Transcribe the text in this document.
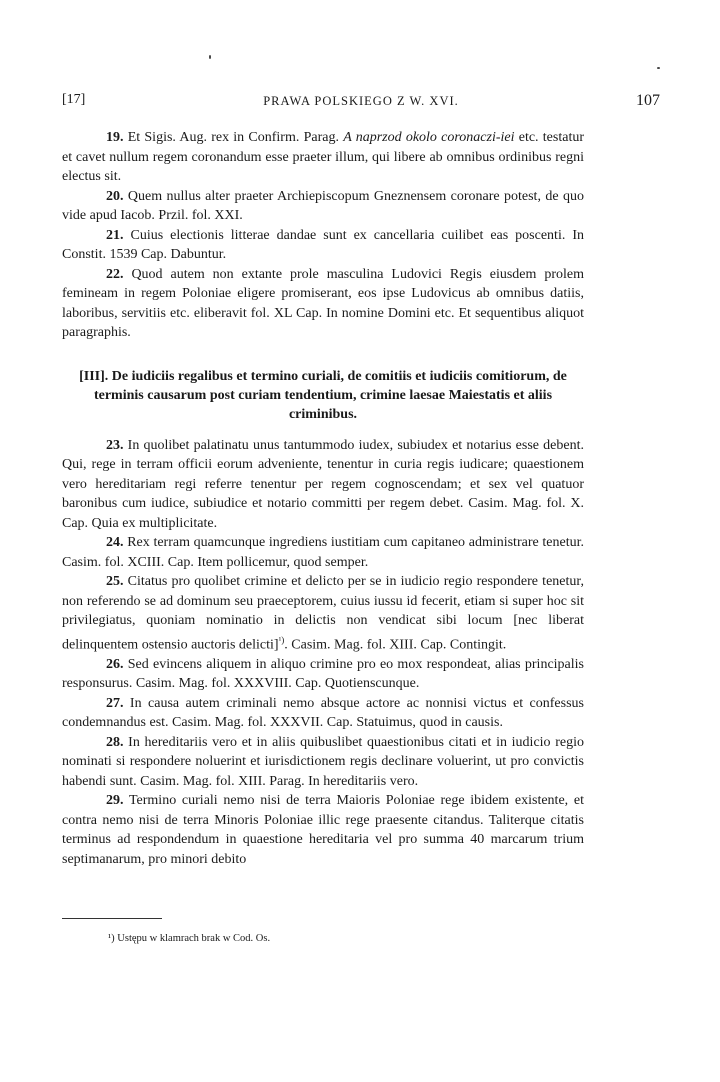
[17]	PRAWA POLSKIEGO Z W. XVI.	107

19. Et Sigis. Aug. rex in Confirm. Parag. A naprzod okolo coronaczi-iei etc. testatur et cavet nullum regem coronandum esse praeter illum, qui libere ab omnibus ordinibus regni electus sit.

20. Quem nullus alter praeter Archiepiscopum Gneznensem coronare potest, de quo vide apud Iacob. Przil. fol. XXI.

21. Cuius electionis litterae dandae sunt ex cancellaria cuilibet eas poscenti. In Constit. 1539 Cap. Dabuntur.

22. Quod autem non extante prole masculina Ludovici Regis eiusdem prolem femineam in regem Poloniae eligere promiserant, eos ipse Ludovicus ab omnibus datiis, laboribus, servitiis etc. eliberavit fol. XL Cap. In nomine Domini etc. Et sequentibus aliquot paragraphis.

[III]. De iudiciis regalibus et termino curiali, de comitiis et iudiciis comitiorum, de terminis causarum post curiam tendentium, crimine laesae Maiestatis et aliis criminibus.

23. In quolibet palatinatu unus tantummodo iudex, subiudex et notarius esse debent. Qui, rege in terram officii eorum adveniente, tenentur in curia regis iudicare; quaestionem vero hereditariam regi referre tenentur per regem cognoscendam; et sex vel quatuor baronibus cum iudice, subiudice et notario committi per regem debet. Casim. Mag. fol. X. Cap. Quia ex multiplicitate.

24. Rex terram quamcunque ingrediens iustitiam cum capitaneo administrare tenetur. Casim. fol. XCIII. Cap. Item pollicemur, quod semper.

25. Citatus pro quolibet crimine et delicto per se in iudicio regio respondere tenetur, non referendo se ad dominum seu praeceptorem, cuius iussu id fecerit, etiam si super hoc sit privilegiatus, quoniam nominatio in delictis non vendicat sibi locum [nec liberat delinquentem ostensio auctoris delicti]$^{^1)}$. Casim. Mag. fol. XIII. Cap. Contingit.

26. Sed evincens aliquem in aliquo crimine pro eo mox respondeat, alias principalis responsurus. Casim. Mag. fol. XXXVIII. Cap. Quotienscunque.

27. In causa autem criminali nemo absque actore ac nonnisi victus et confessus condemnandus est. Casim. Mag. fol. XXXVII. Cap. Statuimus, quod in causis.

28. In hereditariis vero et in aliis quibuslibet quaestionibus citati et in iudicio regio nominati si respondere noluerint et iurisdictionem regis declinare voluerint, ut pro convictis habendi sunt. Casim. Mag. fol. XIII. Parag. In hereditariis vero.

29. Termino curiali nemo nisi de terra Maioris Poloniae rege ibidem existente, et contra nemo nisi de terra Minoris Poloniae illic rege praesente citandus. Taliterque citatis terminus ad respondendum in quaestione hereditaria vel pro summa 40 marcarum trium septimanarum, pro minori debito

¹) Ustępu w klamrach brak w Cod. Os.
